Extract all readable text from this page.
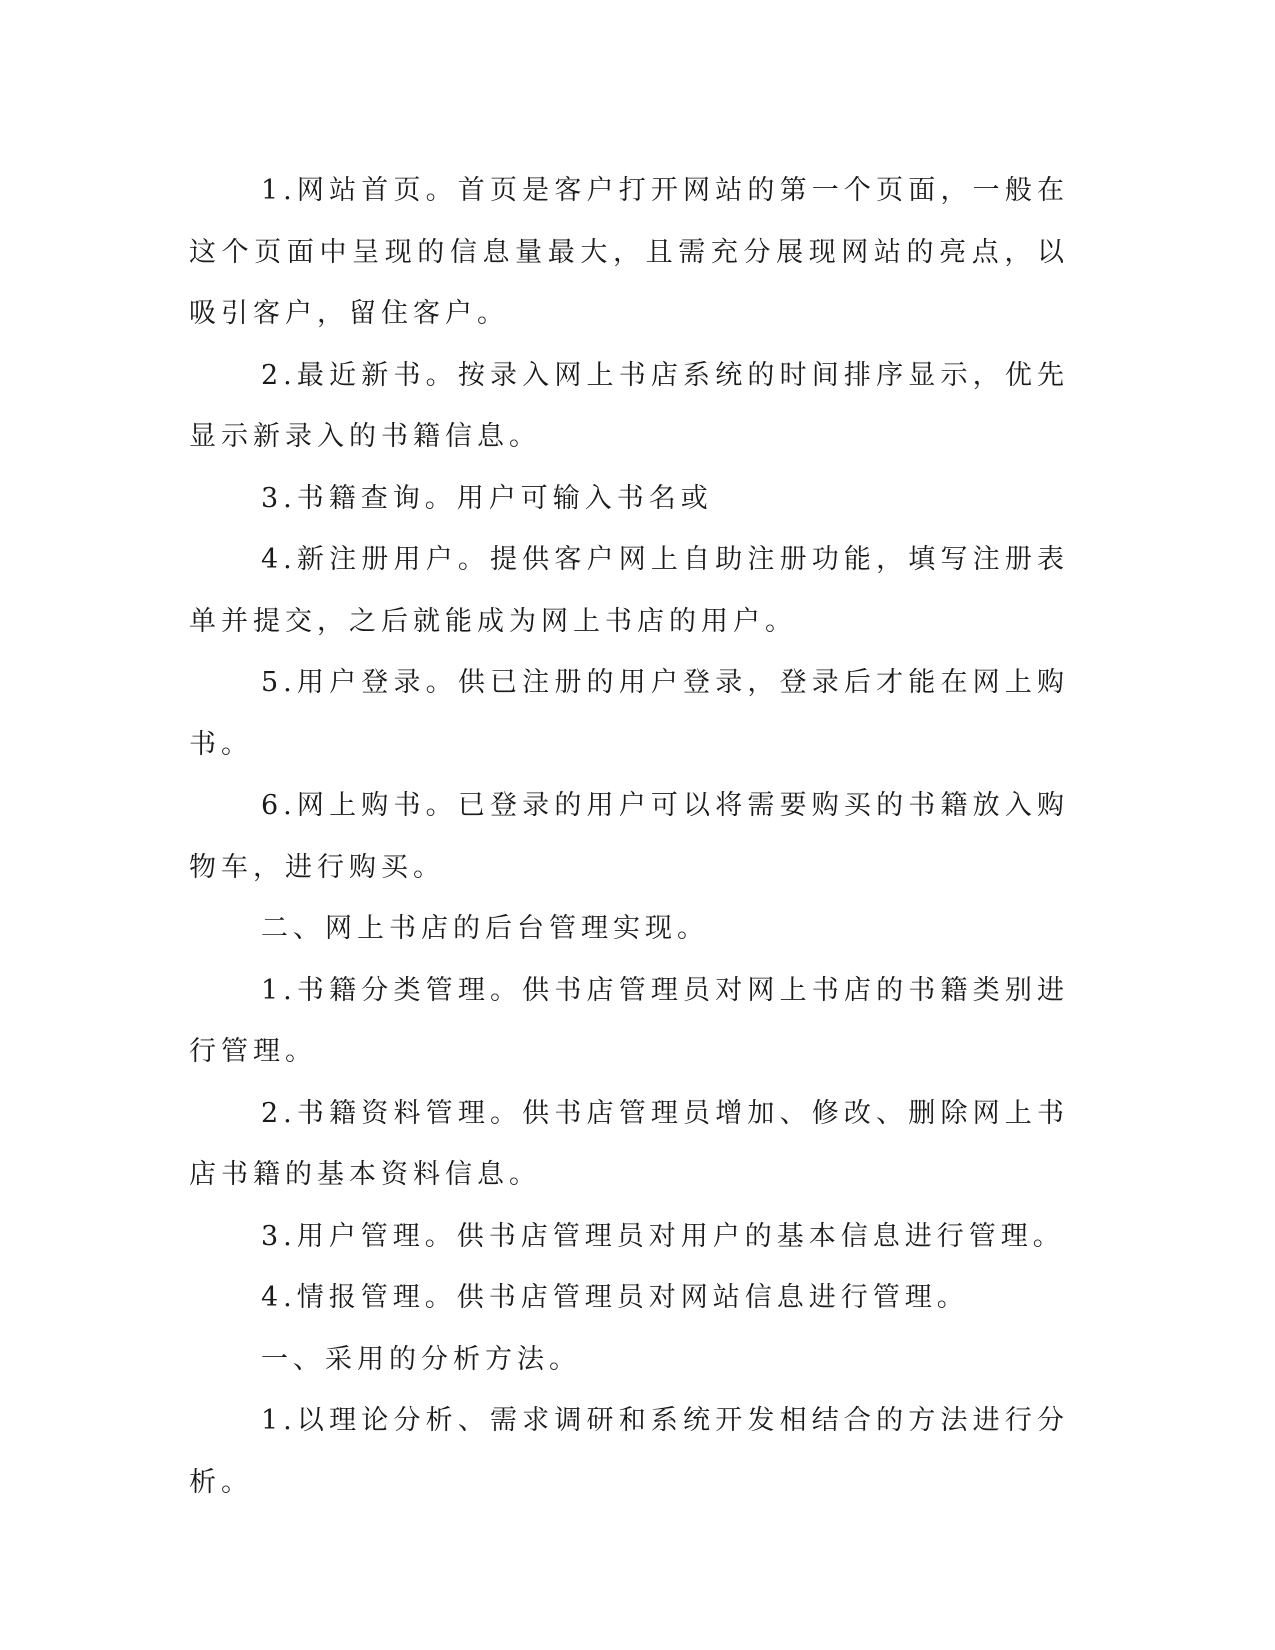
1.网站首页。首页是客户打开网站的第一个页面，一般在这个页面中呈现的信息量最大，且需充分展现网站的亮点，以吸引客户，留住客户。

2.最近新书。按录入网上书店系统的时间排序显示，优先显示新录入的书籍信息。

3.书籍查询。用户可输入书名或

4.新注册用户。提供客户网上自助注册功能，填写注册表单并提交，之后就能成为网上书店的用户。

5.用户登录。供已注册的用户登录，登录后才能在网上购书。

6.网上购书。已登录的用户可以将需要购买的书籍放入购物车，进行购买。

二、网上书店的后台管理实现。

1.书籍分类管理。供书店管理员对网上书店的书籍类别进行管理。

2.书籍资料管理。供书店管理员增加、修改、删除网上书店书籍的基本资料信息。

3.用户管理。供书店管理员对用户的基本信息进行管理。

4.情报管理。供书店管理员对网站信息进行管理。

一、采用的分析方法。

1.以理论分析、需求调研和系统开发相结合的方法进行分析。
